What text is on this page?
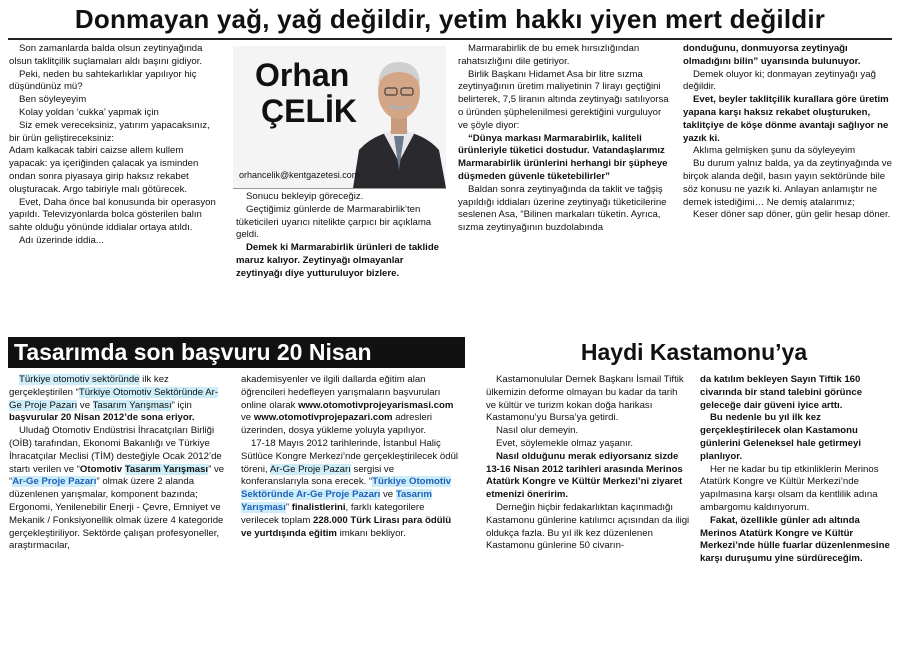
Donmayan yağ, yağ değildir, yetim hakkı yiyen mert değildir

Son zamanlarda balda olsun zeytinyağında olsun taklitçilik suçlamaları aldı başını gidiyor.

Peki, neden bu sahtekarlıklar yapılıyor hiç düşündünüz mü?

Ben söyleyeyim

Kolay yoldan ‘cukka’ yapmak için

Siz emek vereceksiniz, yatırım yapacaksınız, bir ürün geliştireceksiniz:

Adam kalkacak tabiri caizse allem kullem yapacak: ya içeriğinden çalacak ya isminden ondan sonra piyasaya girip haksız rekabet oluşturacak. Argo tabiriyle malı götürecek.

Evet, Daha önce bal konusunda bir operasyon yapıldı. Televizyonlarda bolca gösterilen balın sahte olduğu yönünde iddialar ortaya atıldı.

Adı üzerinde iddia...

Orhan
ÇELİK
orhancelik@kentgazetesi.com

Sonucu bekleyip göreceğiz.

Geçtiğimiz günlerde de Marmarabirlik’ten tüketicileri uyarıcı nitelikte çarpıcı bir açıklama geldi.

Demek ki Marmarabirlik ürünleri de taklide maruz kalıyor. Zeytinyağı olmayanlar zeytinyağı diye yutturuluyor bizlere.

Marmarabirlik de bu emek hırsızlığından rahatsızlığını dile getiriyor.

Birlik Başkanı Hidamet Asa bir litre sızma zeytinyağının üretim maliyetinin 7 lirayı geçtiğini belirterek, 7,5 liranın altında zeytinyağı satılıyorsa o üründen şüphelenilmesi gerektiğini vurguluyor ve şöyle diyor:

“Dünya markası Marmarabirlik, kaliteli ürünleriyle tüketici dostudur. Vatandaşlarımız Marmarabirlik ürünlerini herhangi bir şüpheye düşmeden güvenle tüketebilirler”

Baldan sonra zeytinyağında da taklit ve tağşiş yapıldığı iddiaları üzerine zeytinyağı tüketicilerine seslenen Asa, “Bilinen markaları tüketin. Ayrıca, sızma zeytinyağının buzdolabında

donduğunu, donmuyorsa zeytinyağı olmadığını bilin” uyarısında bulunuyor.

Demek oluyor ki; donmayan zeytinyağı yağ değildir.

Evet, beyler taklitçilik kurallara göre üretim yapana karşı haksız rekabet oluşturuken, taklitçiye de köşe dönme avantajı sağlıyor ne yazık ki.

Aklıma gelmişken şunu da söyleyeyim

Bu durum yalnız balda, ya da zeytinyağında ve birçok alanda değil, basın yayın sektöründe bile söz konusu ne yazık ki. Anlayan anlamıştır ne demek istediğimi… Ne demiş atalarımız;

Keser döner sap döner, gün gelir hesap döner.

Tasarımda son başvuru 20 Nisan

Türkiye otomotiv sektöründe ilk kez gerçekleştirilen “Türkiye Otomotiv Sektöründe Ar-Ge Proje Pazarı ve Tasarım Yarışması” için başvurular 20 Nisan 2012’de sona eriyor.

Uludağ Otomotiv Endüstrisi İhracatçıları Birliği (OİB) tarafından, Ekonomi Bakanlığı ve Türkiye İhracatçılar Meclisi (TİM) desteğiyle Ocak 2012’de startı verilen ve “Otomotiv Tasarım Yarışması” ve “Ar-Ge Proje Pazarı” olmak üzere 2 alanda düzenlenen yarışmalar, komponent bazında; Ergonomi, Yenilenebilir Enerji - Çevre, Emniyet ve Mekanik / Fonksiyonellik olmak üzere 4 kategoride gerçekleştiriliyor. Sektörde çalışan profesyoneller, araştırmacılar,

akademisyenler ve ilgili dallarda eğitim alan öğrencileri hedefleyen yarışmaların başvuruları online olarak www.otomotivprojeyarismasi.com ve www.otomotivprojepazari.com adresleri üzerinden, dosya yükleme yoluyla yapılıyor.

17-18 Mayıs 2012 tarihlerinde, İstanbul Haliç Sütlüce Kongre Merkezi’nde gerçekleştirilecek ödül töreni, Ar-Ge Proje Pazarı sergisi ve konferanslarıyla sona erecek. “Türkiye Otomotiv Sektöründe Ar-Ge Proje Pazarı ve Tasarım Yarışması” finalistlerini, farklı kategorilere verilecek toplam 228.000 Türk Lirası para ödülü ve yurtdışında eğitim imkanı bekliyor.

Haydi Kastamonu’ya

Kastamonulular Dernek Başkanı İsmail Tiftik ülkemizin deforme olmayan bu kadar da tarih ve kültür ve turizm kokan doğa harikası Kastamonu’yu Bursa’ya getirdi.

Nasıl olur demeyin.

Evet, söylemekle olmaz yaşanır.

Nasıl olduğunu merak ediyorsanız sizde 13-16 Nisan 2012 tarihleri arasında Merinos Atatürk Kongre ve Kültür Merkezi’ni ziyaret etmenizi öneririm.

Derneğin hiçbir fedakarlıktan kaçınmadığı Kastamonu günlerine katılımcı açısından da iligi oldukça fazla. Bu yıl ilk kez düzenlenen Kastamonu günlerine 50 civarın-

da katılım bekleyen Sayın Tiftik 160 civarında bir stand talebini görünce geleceğe dair güveni iyice arttı.

Bu nedenle bu yıl ilk kez gerçekleştirilecek olan Kastamonu günlerini Geleneksel hale getirmeyi planlıyor.

Her ne kadar bu tip etkinliklerin Merinos Atatürk Kongre ve Kültür Merkezi’nde yapılmasına karşı olsam da kentlilik adına ambargomu kaldırıyorum.

Fakat, özellikle günler adı altında Merinos Atatürk Kongre ve Kültür Merkezi’nde hülle fuarlar düzenlenmesine karşı duruşumu yine sürdüreceğim.
